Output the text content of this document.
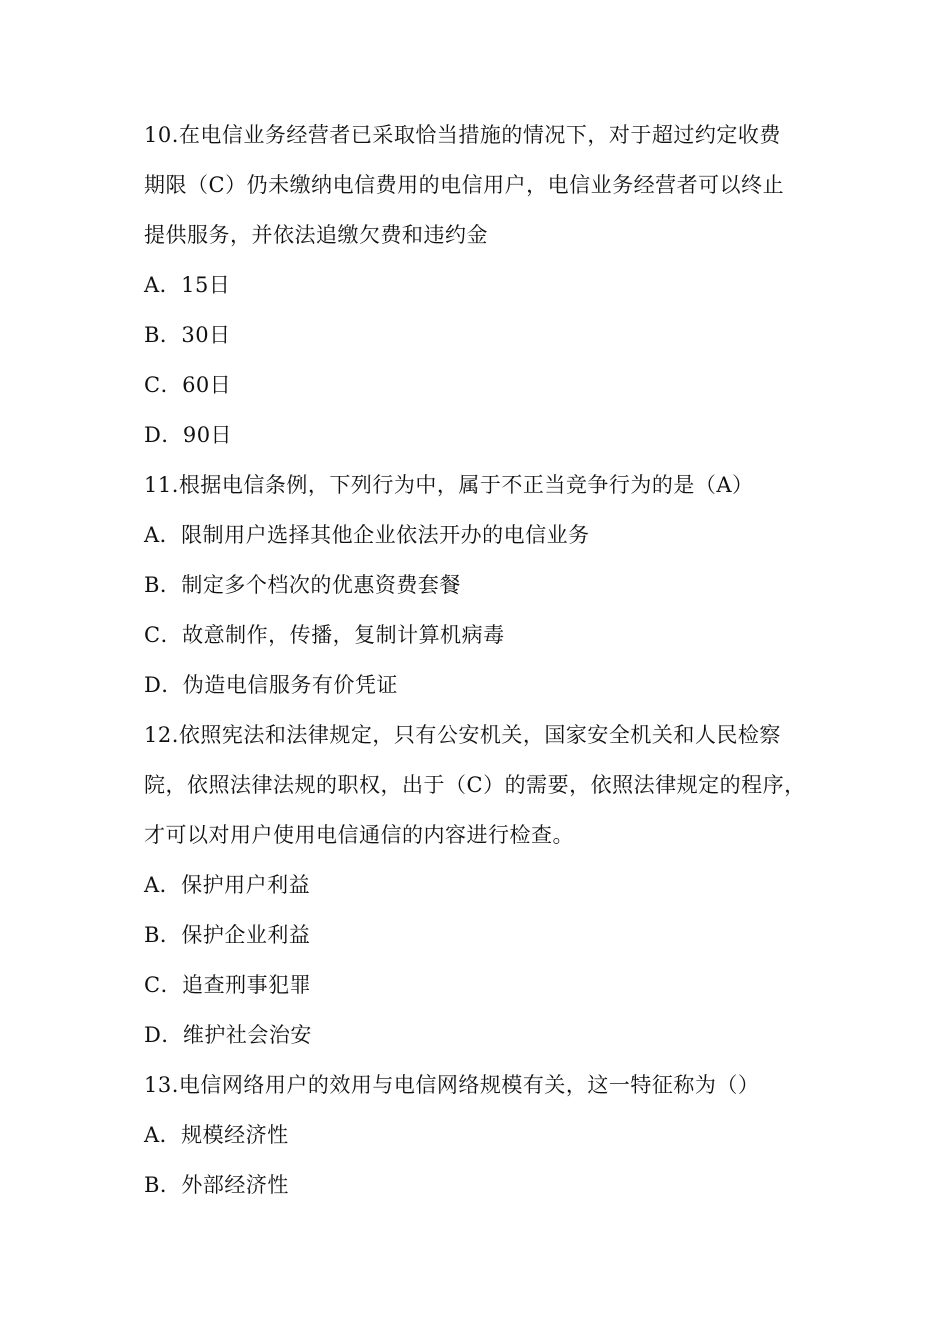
10.在电信业务经营者已采取恰当措施的情况下，对于超过约定收费
期限（C）仍未缴纳电信费用的电信用户，电信业务经营者可以终止
提供服务，并依法追缴欠费和违约金
A．15日
B．30日
C．60日
D．90日
11.根据电信条例，下列行为中，属于不正当竞争行为的是（A）
A．限制用户选择其他企业依法开办的电信业务
B．制定多个档次的优惠资费套餐
C．故意制作，传播，复制计算机病毒
D．伪造电信服务有价凭证
12.依照宪法和法律规定，只有公安机关，国家安全机关和人民检察
院，依照法律法规的职权，出于（C）的需要，依照法律规定的程序，
才可以对用户使用电信通信的内容进行检查。
A．保护用户利益
B．保护企业利益
C．追查刑事犯罪
D．维护社会治安
13.电信网络用户的效用与电信网络规模有关，这一特征称为（）
A．规模经济性
B．外部经济性
